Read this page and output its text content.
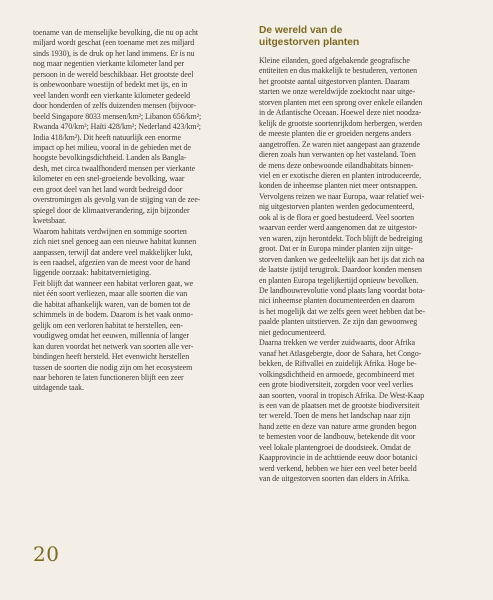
toename van de menselijke bevolking, die nu op acht
miljard wordt geschat (een toename met zes miljard
sinds 1930), is de druk op het land immens. Er is nu
nog maar negentien vierkante kilometer land per
persoon in de wereld beschikbaar. Het grootste deel
is onbewoonbare woestijn of bedekt met ijs, en in
veel landen wordt een vierkante kilometer gedeeld
door honderden of zelfs duizenden mensen (bijvoor-
beeld Singapore 8033 mensen/km²; Libanon 656/km²;
Rwanda 470/km²; Haïti 428/km²; Nederland 423/km²;
India 418/km²). Dit heeft natuurlijk een enorme
impact op het milieu, vooral in de gebieden met de
hoogste bevolkingsdichtheid. Landen als Bangla-
desh, met circa twaalfhonderd mensen per vierkante
kilometer en een snel-groeiende bevolking, waar
een groot deel van het land wordt bedreigd door
overstromingen als gevolg van de stijging van de zee-
spiegel door de klimaatverandering, zijn bijzonder
kwetsbaar.
Waarom habitats verdwijnen en sommige soorten
zich niet snel genoeg aan een nieuwe habitat kunnen
aanpassen, terwijl dat andere veel makkelijker lukt,
is een raadsel, afgezien van de meest voor de hand
liggende oorzaak: habitatvernietiging.
Feit blijft dat wanneer een habitat verloren gaat, we
niet één soort verliezen, maar alle soorten die van
die habitat afhankelijk waren, van de bomen tot de
schimmels in de bodem. Daarom is het vaak onmo-
gelijk om een verloren habitat te herstellen, een-
voudigweg omdat het eeuwen, millennia of langer
kan duren voordat het netwerk van soorten alle ver-
bindingen heeft hersteld. Het evenwicht herstellen
tussen de soorten die nodig zijn om het ecosysteem
naar behoren te laten functioneren blijft een zeer
uitdagende taak.
De wereld van de
uitgestorven planten
Kleine eilanden, goed afgebakende geografische
entiteiten en dus makkelijk te bestuderen, vertonen
het grootste aantal uitgestorven planten. Daaram
starten we onze wereldwijde zoektocht naar uitge-
storven planten met een sprong over enkele eilanden
in de Atlantische Oceaan. Hoewel deze niet noodza-
kelijk de grootste soortenrijkdom herbergen, werden
de meeste planten die er groeiden nergens anders
aangetroffen. Ze waren niet aangepast aan grazende
dieren zoals hun verwanten op het vasteland. Toen
de mens deze onbewoonde eilandhabitats binnen-
viel en er exotische dieren en planten introduceerde,
konden de inheemse planten niet meer ontsnappen.
Vervolgens reizen we naar Europa, waar relatief wei-
nig uitgestorven planten werden gedocumenteerd,
ook al is de flora er goed bestudeerd. Veel soorten
waarvan eerder werd aangenomen dat ze uitgestor-
ven waren, zijn herontdekt. Toch blijft de bedreiging
groot. Dat er in Europa minder planten zijn uitge-
storven danken we gedeeltelijk aan het ijs dat zich na
de laatste ijstijd terugtrok. Daardoor konden mensen
en planten Europa tegelijkertijd opnieuw bevolken.
De landbouwrevolutie vond plaats lang voordat bota-
nici inheemse planten documenteerden en daarom
is het mogelijk dat we zelfs geen weet hebben dat be-
paalde planten uitstierven. Ze zijn dan gewoonweg
niet gedocumenteerd.
Daarna trekken we verder zuidwaarts, door Afrika
vanaf het Atlasgebergte, door de Sahara, het Congo-
bekken, de Riftvallei en zuidelijk Afrika. Hoge be-
volkingsdichtheid en armoede, gecombineerd met
een grote biodiversiteit, zorgden voor veel verlies
aan soorten, vooral in tropisch Afrika. De West-Kaap
is een van de plaatsen met de grootste biodiversiteit
ter wereld. Toen de mens het landschap naar zijn
hand zette en deze van nature arme gronden begon
te bemesten voor de landbouw, betekende dit voor
veel lokale plantengroei de doodsteek. Omdat de
Kaapprovincie in de achttiende eeuw door botanici
werd verkend, hebben we hier een veel beter beeld
van de uitgestorven soorten dan elders in Afrika.
20
